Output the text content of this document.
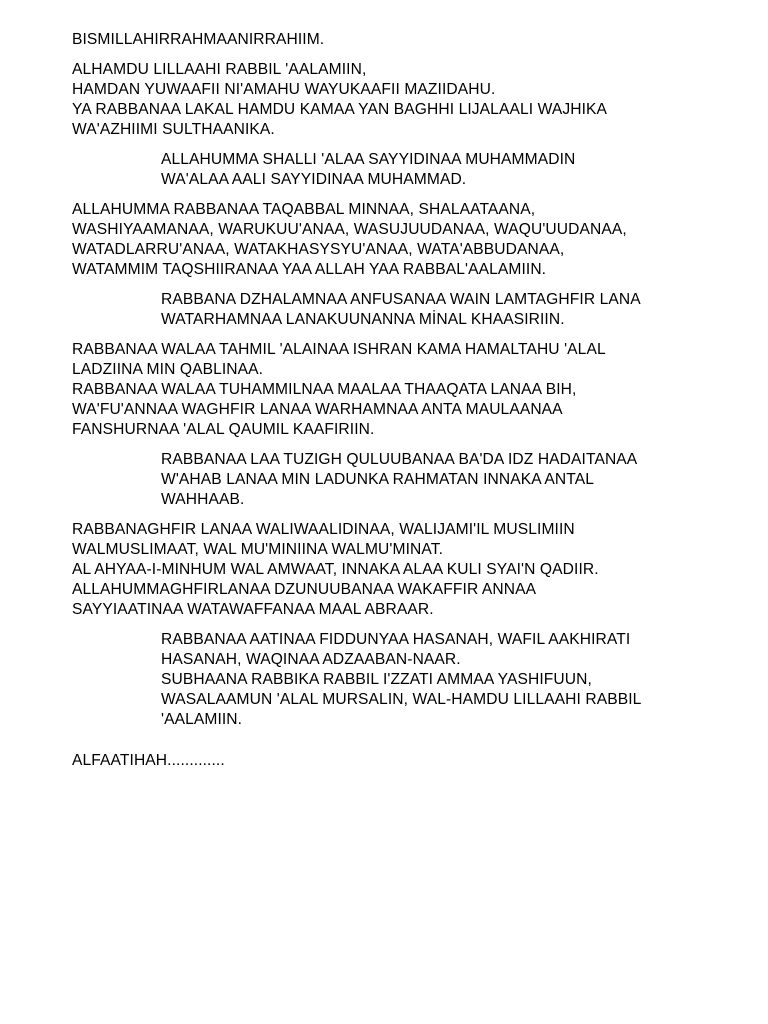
BISMILLAHIRRAHMAANIRRAHIIM.

ALHAMDU LILLAAHI RABBIL 'AALAMIIN,
HAMDAN YUWAAFII NI'AMAHU WAYUKAAFII MAZIIDAHU.
YA RABBANAA LAKAL HAMDU KAMAA YAN BAGHHI LIJALAALI WAJHIKA
WA'AZHIIMI SULTHAANIKA.

ALLAHUMMA SHALLI 'ALAA SAYYIDINAA MUHAMMADIN
WA'ALAA AALI SAYYIDINAA MUHAMMAD.

ALLAHUMMA RABBANAA TAQABBAL MINNAA, SHALAATAANA,
WASHIYAAMANAA, WARUKUU'ANAA, WASUJUUDANAA, WAQU'UUDANAA,
WATADLARRU'ANAA, WATAKHASYSYU'ANAA, WATA'ABBUDANAA,
WATAMMIM TAQSHIIRANAA YAA ALLAH YAA RABBAL'AALAMIIN.

RABBANA DZHALAMNAA ANFUSANAA WAIN LAMTAGHFIR LANA
WATARHAMNAA LANAKUUNANNA MİNAL KHAASIRIIN.

RABBANAA WALAA TAHMIL 'ALAINAA ISHRAN KAMA HAMALTAHU 'ALAL
LADZIINA MIN QABLINAA.
RABBANAA WALAA TUHAMMILNAA MAALAA THAAQATA LANAA BIH,
WA'FU'ANNAA WAGHFIR LANAA WARHAMNAA ANTA MAULAANAA
FANSHURNAA 'ALAL QAUMIL KAAFIRIIN.

RABBANAA LAA TUZIGH QULUUBANAA BA'DA IDZ HADAITANAA
W'AHAB LANAA MIN LADUNKA RAHMATAN INNAKA ANTAL
WAHHAAB.

RABBANAGHFIR LANAA WALIWAALIDINAA, WALIJAMI'IL MUSLIMIIN
WALMUSLIMAAT, WAL MU'MINIINA WALMU'MINAT.
AL AHYAA-I-MINHUM WAL AMWAAT, INNAKA ALAA KULI SYAI'N QADIIR.
ALLAHUMMAGHFIRLANAA DZUNUUBANAA WAKAFFIR ANNAA
SAYYIAATINAA WATAWAFFANAA MAAL ABRAAR.

RABBANAA AATINAA FIDDUNYAA HASANAH, WAFIL AAKHIRATI
HASANAH, WAQINAA ADZAABAN-NAAR.
SUBHAANA RABBIKA RABBIL I'ZZATI AMMAA YASHIFUUN,
WASALAAMUN 'ALAL MURSALIN, WAL-HAMDU LILLAAHI RABBIL
'AALAMIIN.

ALFAATIHAH.............
